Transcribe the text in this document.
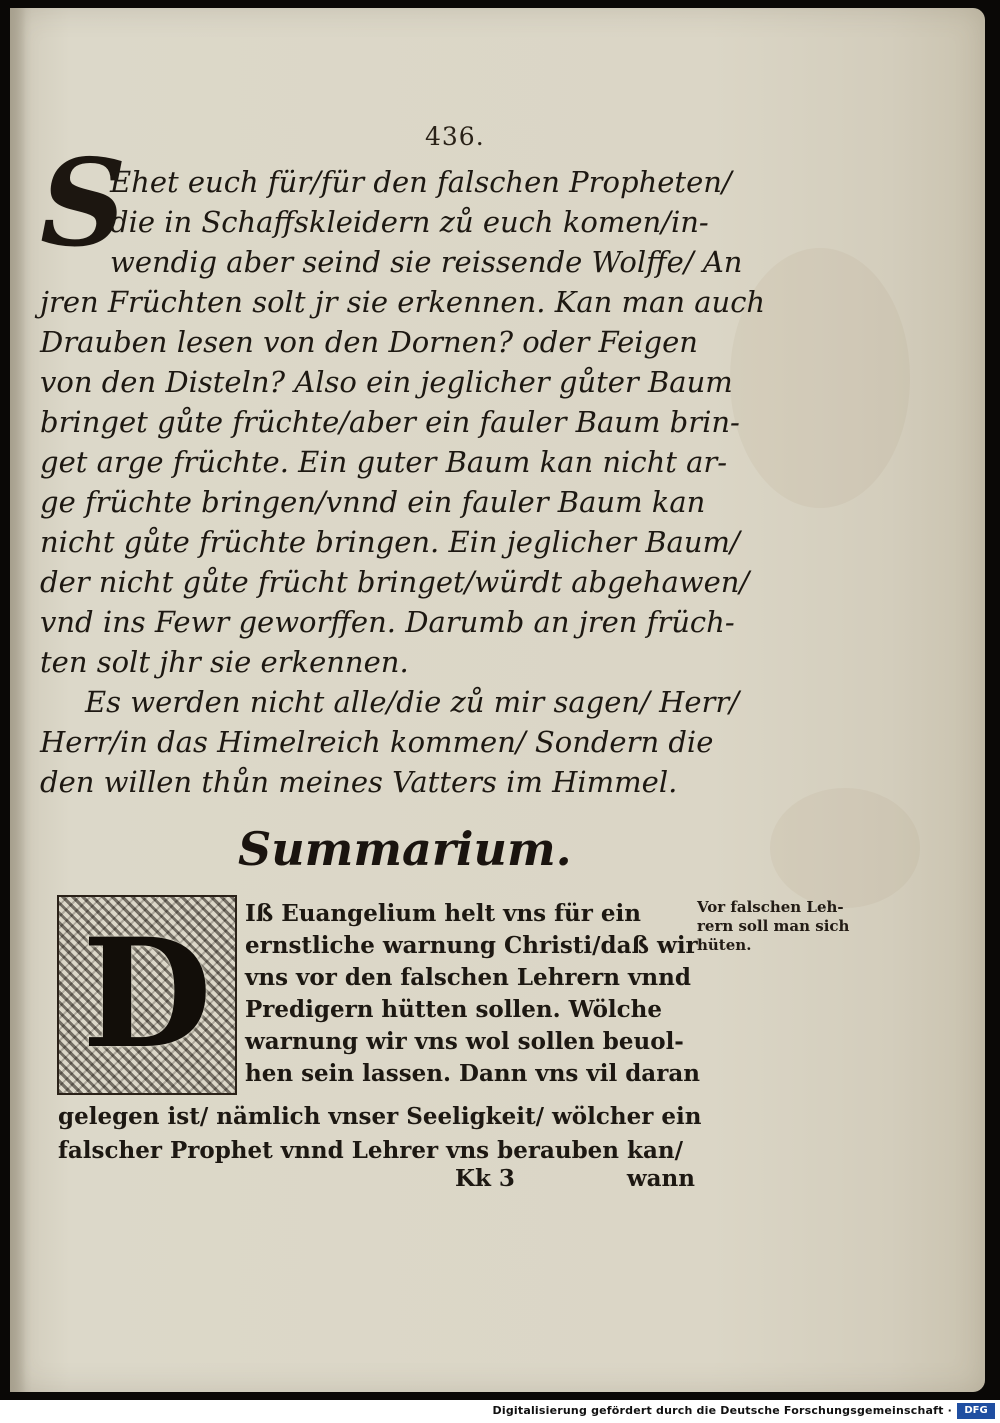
436.
S
Ehet euch für/für den falschen Propheten/
die in Schaffskleidern zů euch komen/in‑
wendig aber seind sie reissende Wolffe/ An
jren Früchten solt jr sie erkennen. Kan man auch
Drauben lesen von den Dornen? oder Feigen
von den Disteln? Also ein jeglicher gůter Baum
bringet gůte früchte/aber ein fauler Baum brin‑
get arge früchte. Ein guter Baum kan nicht ar‑
ge früchte bringen/vnnd ein fauler Baum kan
nicht gůte früchte bringen. Ein jeglicher Baum/
der nicht gůte frücht bringet/würdt abgehawen/
vnd ins Fewr geworffen. Darumb an jren früch‑
ten solt jhr sie erkennen.
Es werden nicht alle/die zů mir sagen/ Herr/
Herr/in das Himelreich kommen/ Sondern die
den willen thůn meines Vatters im Himmel.
Summarium.
D	Iß Euangelium helt vns für ein
ernstliche warnung Christi/daß wir
vns vor den falschen Lehrern vnnd
Predigern hütten sollen. Wölche
warnung wir vns wol sollen beuol‑
hen sein lassen. Dann vns vil daran
gelegen ist/ nämlich vnser Seeligkeit/ wölcher ein
falscher Prophet vnnd Lehrer vns berauben kan/
Vor falschen Leh‑
rern soll man sich
hüten.
Kk 3	wann
Digitalisierung gefördert durch die Deutsche Forschungsgemeinschaft ·	DFG
